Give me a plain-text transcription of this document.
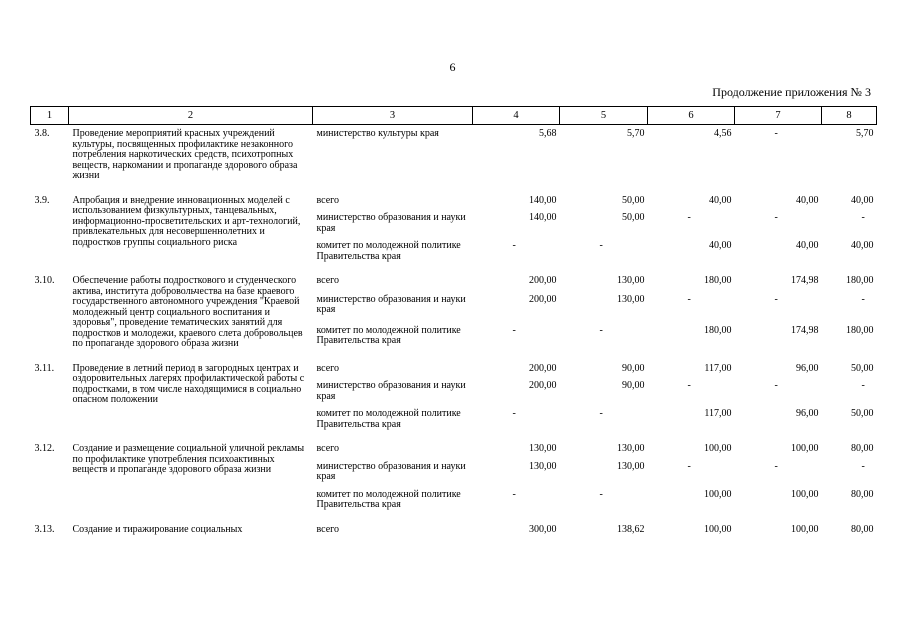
6
Продолжение приложения № 3
1	2	3	4	5	6	7	8
3.8.	Проведение мероприятий красных учреждений культуры, посвященных профилактике незаконного потребления наркотических средств, психотропных веществ, наркомании и пропаганде здорового образа жизни	министерство культуры края	5,68	5,70	4,56	-	5,70

3.9.	Апробация и внедрение инновационных моделей с использованием физкультурных, танцевальных, информационно-просветительских и арт-технологий, привлекательных для несовершеннолетних и подростков группы социального риска	всего	140,00	50,00	40,00	40,00	40,00
		министерство образования и науки края	140,00	50,00	-	-	-
		комитет по молодежной политике Правительства края	-	-	40,00	40,00	40,00

3.10.	Обеспечение работы подросткового и студенческого актива, института добровольчества на базе краевого государственного автономного учреждения "Краевой молодежный центр социального воспитания и здоровья", проведение тематических занятий для подростков и молодежи, краевого слета добровольцев по пропаганде здорового образа жизни	всего	200,00	130,00	180,00	174,98	180,00
		министерство образования и науки края	200,00	130,00	-	-	-
		комитет по молодежной политике Правительства края	-	-	180,00	174,98	180,00

3.11.	Проведение в летний период в загородных центрах и оздоровительных лагерях профилактической работы с подростками, в том числе находящимися в социально опасном положении	всего	200,00	90,00	117,00	96,00	50,00
		министерство образования и науки края	200,00	90,00	-	-	-
		комитет по молодежной политике Правительства края	-	-	117,00	96,00	50,00

3.12.	Создание и размещение социальной уличной рекламы по профилактике употребления психоактивных веществ и пропаганде здорового образа жизни	всего	130,00	130,00	100,00	100,00	80,00
		министерство образования и науки края	130,00	130,00	-	-	-
		комитет по молодежной политике Правительства края	-	-	100,00	100,00	80,00

3.13.	Создание и тиражирование социальных	всего	300,00	138,62	100,00	100,00	80,00
